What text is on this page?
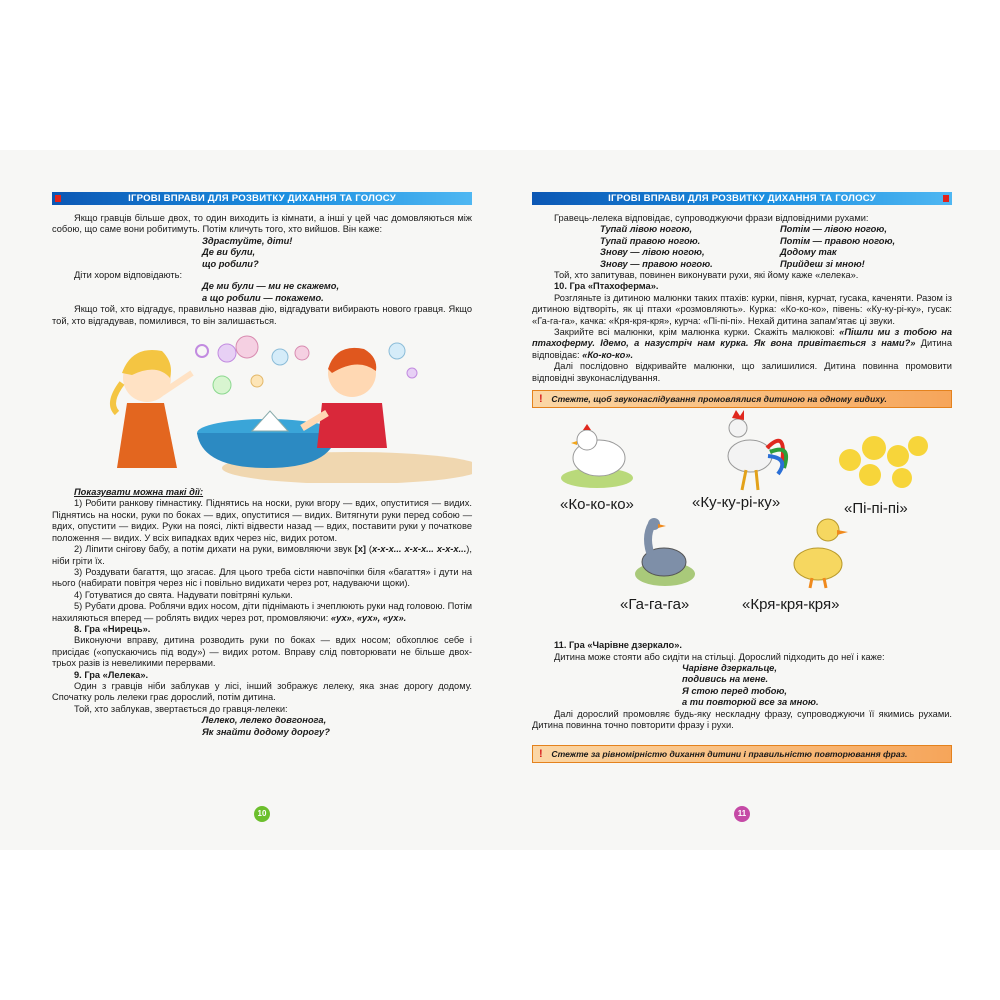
ІГРОВІ ВПРАВИ ДЛЯ РОЗВИТКУ ДИХАННЯ ТА ГОЛОСУ

Якщо гравців більше двох, то один виходить із кімнати, а інші у цей час домовляються між собою, що саме вони робитимуть. Потім кличуть того, хто вийшов. Він каже:

Здрастуйте, діти!
Де ви були,
що робили?

Діти хором відповідають:

Де ми були — ми не скажемо,
а що робили — покажемо.

Якщо той, хто відгадує, правильно назвав дію, відгадувати вибирають нового гравця. Якщо той, хто відгадував, помилився, то він залишається.

Показувати можна такі дії:

1) Робити ранкову гімнастику. Піднятись на носки, руки вгору — вдих, опуститися — видих. Піднятись на носки, руки по боках — вдих, опуститися — видих. Витягнути руки перед собою — вдих, опустити — видих. Руки на поясі, лікті відвести назад — вдих, поставити руки у початкове положення — видих. У всіх випадках вдих через ніс, видих ротом.

2) Ліпити снігову бабу, а потім дихати на руки, вимовляючи звук [х] (х-х-х... х-х-х... х-х-х...), ніби гріти їх.

3) Роздувати багаття, що згасає. Для цього треба сісти навпочіпки біля «багаття» і дути на нього (набирати повітря через ніс і повільно видихати через рот, надуваючи щоки).

4) Готуватися до свята. Надувати повітряні кульки.

5) Рубати дрова. Роблячи вдих носом, діти піднімають і зчеплюють руки над головою. Потім нахиляються вперед — роблять видих через рот, промовляючи: «ух», «ух», «ух».

8. Гра «Нирець».

Виконуючи вправу, дитина розводить руки по боках — вдих носом; обхоплює себе і присідає («опускаючись під воду») — видих ротом. Вправу слід повторювати не більше двох-трьох разів із невеликими перервами.

9. Гра «Лелека».

Один з гравців ніби заблукав у лісі, інший зображує лелеку, яка знає дорогу додому. Спочатку роль лелеки грає дорослий, потім дитина.

Той, хто заблукав, звертається до гравця-лелеки:

Лелеко, лелеко довгонога,
Як знайти додому дорогу?
10
ІГРОВІ ВПРАВИ ДЛЯ РОЗВИТКУ ДИХАННЯ ТА ГОЛОСУ

Гравець-лелека відповідає, супроводжуючи фрази відповідними рухами:

Тупай лівою ногою,
Тупай правою ногою.
Знову — лівою ногою,
Знову — правою ногою.
Потім — лівою ногою,
Потім — правою ногою,
Додому так
Прийдеш зі мною!

Той, хто запитував, повинен виконувати рухи, які йому каже «лелека».

10. Гра «Птахоферма».

Розгляньте із дитиною малюнки таких птахів: курки, півня, курчат, гусака, каченяти. Разом із дитиною відтворіть, як ці птахи «розмовляють». Курка: «Ко-ко-ко», півень: «Ку-ку-рі-ку», гусак: «Га-га-га», качка: «Кря-кря-кря», курча: «Пі-пі-пі». Нехай дитина запам'ятає ці звуки.

Закрийте всі малюнки, крім малюнка курки. Скажіть малюкові: «Пішли ми з тобою на птахоферму. Ідемо, а назустріч нам курка. Як вона привітається з нами?» Дитина відповідає: «Ко-ко-ко».

Далі послідовно відкривайте малюнки, що залишилися. Дитина повинна промовити відповідні звуконаслідування.

! Стежте, щоб звуконаслідування промовлялися дитиною на одному видиху.
«Ко-ко-ко»	«Ку-ку-рі-ку»	«Пі-пі-пі»
«Га-га-га»	«Кря-кря-кря»
11. Гра «Чарівне дзеркало».

Дитина може стояти або сидіти на стільці. Дорослий підходить до неї і каже:

Чарівне дзеркальце,
подивись на мене.
Я стою перед тобою,
а ти повторюй все за мною.

Далі дорослий промовляє будь-яку нескладну фразу, супроводжуючи її якимись рухами. Дитина повинна точно повторити фразу і рухи.

! Стежте за рівномірністю дихання дитини і правильністю повторювання фраз.
11
